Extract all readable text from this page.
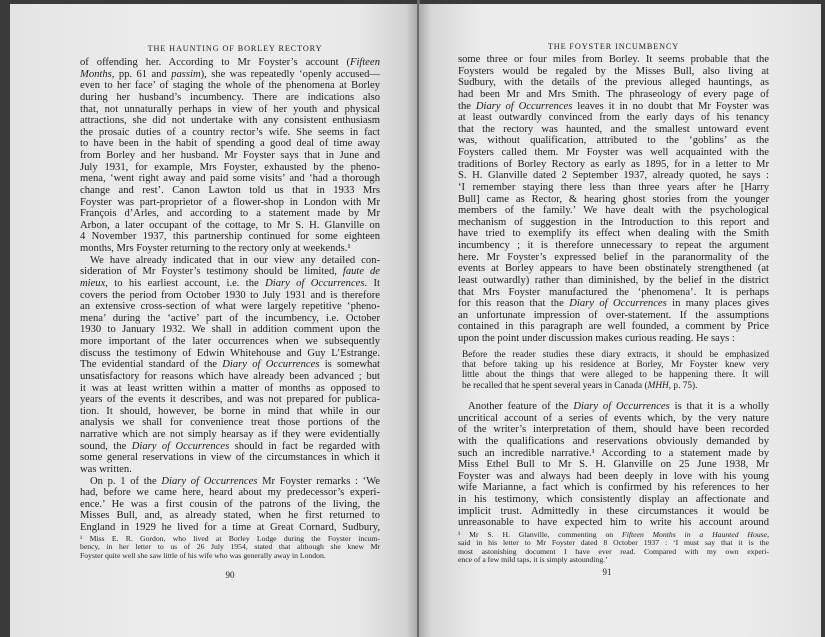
THE HAUNTING OF BORLEY RECTORY
of offending her. According to Mr Foyster’s account (Fifteen
Months, pp. 61 and passim), she was repeatedly ‘openly accused—
even to her face’ of staging the whole of the phenomena at Borley
during her husband’s incumbency. There are indications also
that, not unnaturally perhaps in view of her youth and physical
attractions, she did not undertake with any consistent enthusiasm
the prosaic duties of a country rector’s wife. She seems in fact
to have been in the habit of spending a good deal of time away
from Borley and her husband. Mr Foyster says that in June and
July 1931, for example, Mrs Foyster, exhausted by the pheno-
mena, ‘went right away and paid some visits’ and ‘had a thorough
change and rest’. Canon Lawton told us that in 1933 Mrs
Foyster was part-proprietor of a flower-shop in London with Mr
François d’Arles, and according to a statement made by Mr
Arbon, a later occupant of the cottage, to Mr S. H. Glanville on
4 November 1937, this partnership continued for some eighteen
months, Mrs Foyster returning to the rectory only at weekends.¹
We have already indicated that in our view any detailed con-
sideration of Mr Foyster’s testimony should be limited, faute de
mieux, to his earliest account, i.e. the Diary of Occurrences. It
covers the period from October 1930 to July 1931 and is therefore
an extensive cross-section of what were largely repetitive ‘pheno-
mena’ during the ‘active’ part of the incumbency, i.e. October
1930 to January 1932. We shall in addition comment upon the
more important of the later occurrences when we subsequently
discuss the testimony of Edwin Whitehouse and Guy L’Estrange.
The evidential standard of the Diary of Occurrences is somewhat
unsatisfactory for reasons which have already been advanced ; but
it was at least written within a matter of months as opposed to
years of the events it describes, and was not prepared for publica-
tion. It should, however, be borne in mind that while in our
analysis we shall for convenience treat those portions of the
narrative which are not simply hearsay as if they were evidentially
sound, the Diary of Occurrences should in fact be regarded with
some general reservations in view of the circumstances in which it
was written.
On p. 1 of the Diary of Occurrences Mr Foyster remarks : ‘We
had, before we came here, heard about my predecessor’s experi-
ence.’ He was a first cousin of the patrons of the living, the
Misses Bull, and, as already stated, when he first returned to
England in 1929 he lived for a time at Great Cornard, Sudbury,
¹ Miss E. R. Gordon, who lived at Borley Lodge during the Foyster incum-
bency, in her letter to us of 26 July 1954, stated that although she knew Mr
Foyster quite well she saw little of his wife who was generally away in London.
90
THE FOYSTER INCUMBENCY
some three or four miles from Borley. It seems probable that the
Foysters would be regaled by the Misses Bull, also living at
Sudbury, with the details of the previous alleged hauntings, as
had been Mr and Mrs Smith. The phraseology of every page of
the Diary of Occurrences leaves it in no doubt that Mr Foyster was
at least outwardly convinced from the early days of his tenancy
that the rectory was haunted, and the smallest untoward event
was, without qualification, attributed to the ‘goblins’ as the
Foysters called them. Mr Foyster was well acquainted with the
traditions of Borley Rectory as early as 1895, for in a letter to Mr
S. H. Glanville dated 2 September 1937, already quoted, he says :
‘I remember staying there less than three years after he [Harry
Bull] came as Rector, & hearing ghost stories from the younger
members of the family.’ We have dealt with the psychological
mechanism of suggestion in the Introduction to this report and
have tried to exemplify its effect when dealing with the Smith
incumbency ; it is therefore unnecessary to repeat the argument
here. Mr Foyster’s expressed belief in the paranormality of the
events at Borley appears to have been obstinately strengthened (at
least outwardly) rather than diminished, by the belief in the district
that Mrs Foyster manufactured the ‘phenomena’. It is perhaps
for this reason that the Diary of Occurrences in many places gives
an unfortunate impression of over-statement. If the assumptions
contained in this paragraph are well founded, a comment by Price
upon the point under discussion makes curious reading. He says :
Before the reader studies these diary extracts, it should be emphasized
that before taking up his residence at Borley, Mr Foyster knew very
little about the things that were alleged to be happening there. It will
be recalled that he spent several years in Canada (MHH, p. 75).
Another feature of the Diary of Occurrences is that it is a wholly
uncritical account of a series of events which, by the very nature
of the writer’s interpretation of them, should have been recorded
with the qualifications and reservations obviously demanded by
such an incredible narrative.¹ According to a statement made by
Miss Ethel Bull to Mr S. H. Glanville on 25 June 1938, Mr
Foyster was and always had been deeply in love with his young
wife Marianne, a fact which is confirmed by his references to her
in his testimony, which consistently display an affectionate and
implicit trust. Admittedly in these circumstances it would be
unreasonable to have expected him to write his account around
¹ Mr S. H. Glanville, commenting on Fifteen Months in a Haunted House,
said in his letter to Mr Foyster dated 8 October 1937 : ‘I must say that it is the
most astonishing document I have ever read. Compared with my own experi-
ence of a few mild taps, it is simply astounding.’
91
